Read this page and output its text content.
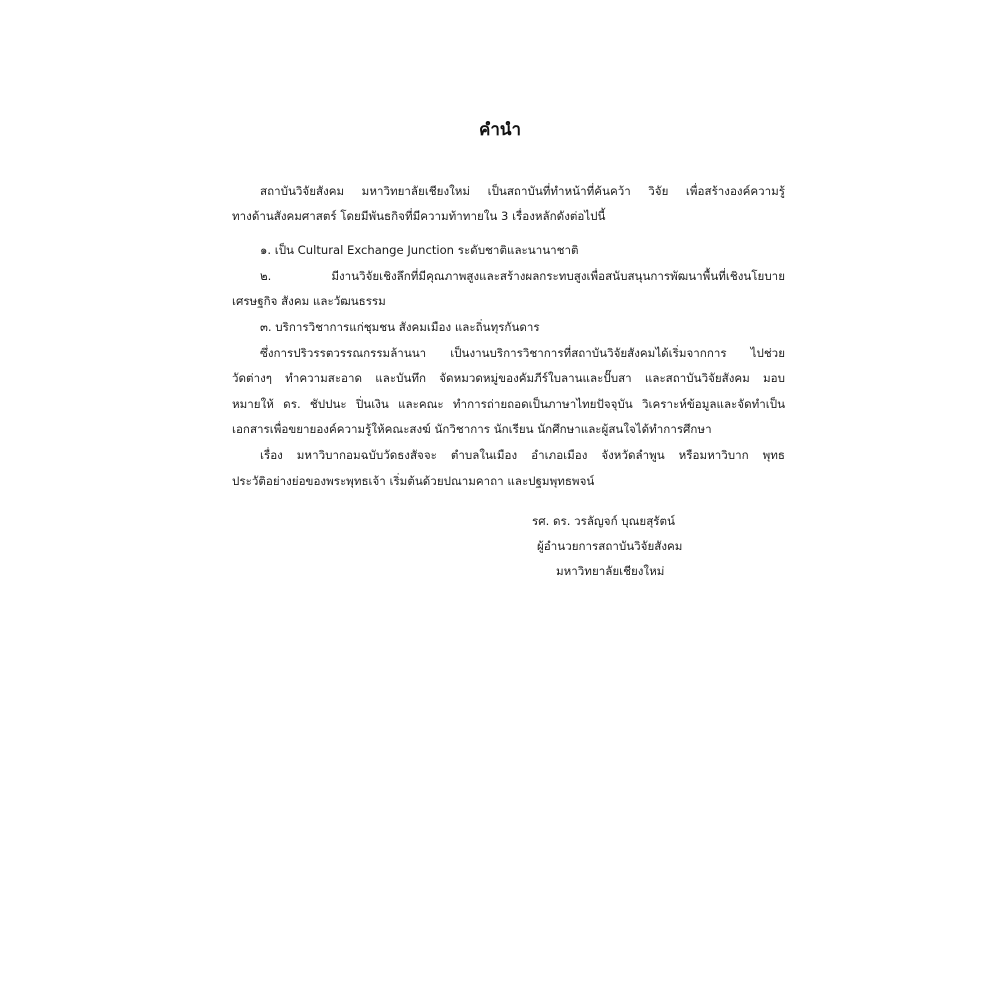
คำนำ
สถาบันวิจัยสังคม มหาวิทยาลัยเชียงใหม่ เป็นสถาบันที่ทำหน้าที่ค้นคว้า วิจัย เพื่อสร้างองค์ความรู้
ทางด้านสังคมศาสตร์ โดยมีพันธกิจที่มีความท้าทายใน 3 เรื่องหลักดังต่อไปนี้
๑. เป็น Cultural Exchange Junction ระดับชาติและนานาชาติ
๒. มีงานวิจัยเชิงลึกที่มีคุณภาพสูงและสร้างผลกระทบสูงเพื่อสนับสนุนการพัฒนาพื้นที่เชิงนโยบาย
เศรษฐกิจ สังคม และวัฒนธรรม
๓. บริการวิชาการแก่ชุมชน สังคมเมือง และถิ่นทุรกันดาร
ซึ่งการปริวรรตวรรณกรรมล้านนา เป็นงานบริการวิชาการที่สถาบันวิจัยสังคมได้เริ่มจากการ ไปช่วย
วัดต่างๆ ทำความสะอาด และบันทึก จัดหมวดหมู่ของคัมภีร์ใบลานและปั๊บสา และสถาบันวิจัยสังคม มอบ
หมายให้ ดร. ชัปปนะ ปิ่นเงิน และคณะ ทำการถ่ายถอดเป็นภาษาไทยปัจจุบัน วิเคราะห์ข้อมูลและจัดทำเป็น
เอกสารเพื่อขยายองค์ความรู้ให้คณะสงฆ์ นักวิชาการ นักเรียน นักศึกษาและผู้สนใจได้ทำการศึกษา
เรื่อง มหาวิบากอมฉบับวัดธงสัจจะ ตำบลในเมือง อำเภอเมือง จังหวัดลำพูน หรือมหาวิบาก พุทธ
ประวัติอย่างย่อของพระพุทธเจ้า เริ่มต้นด้วยปณามคาถา และปฐมพุทธพจน์
รศ. ดร. วรลัญจก์ บุณยสุรัตน์
ผู้อำนวยการสถาบันวิจัยสังคม
มหาวิทยาลัยเชียงใหม่
